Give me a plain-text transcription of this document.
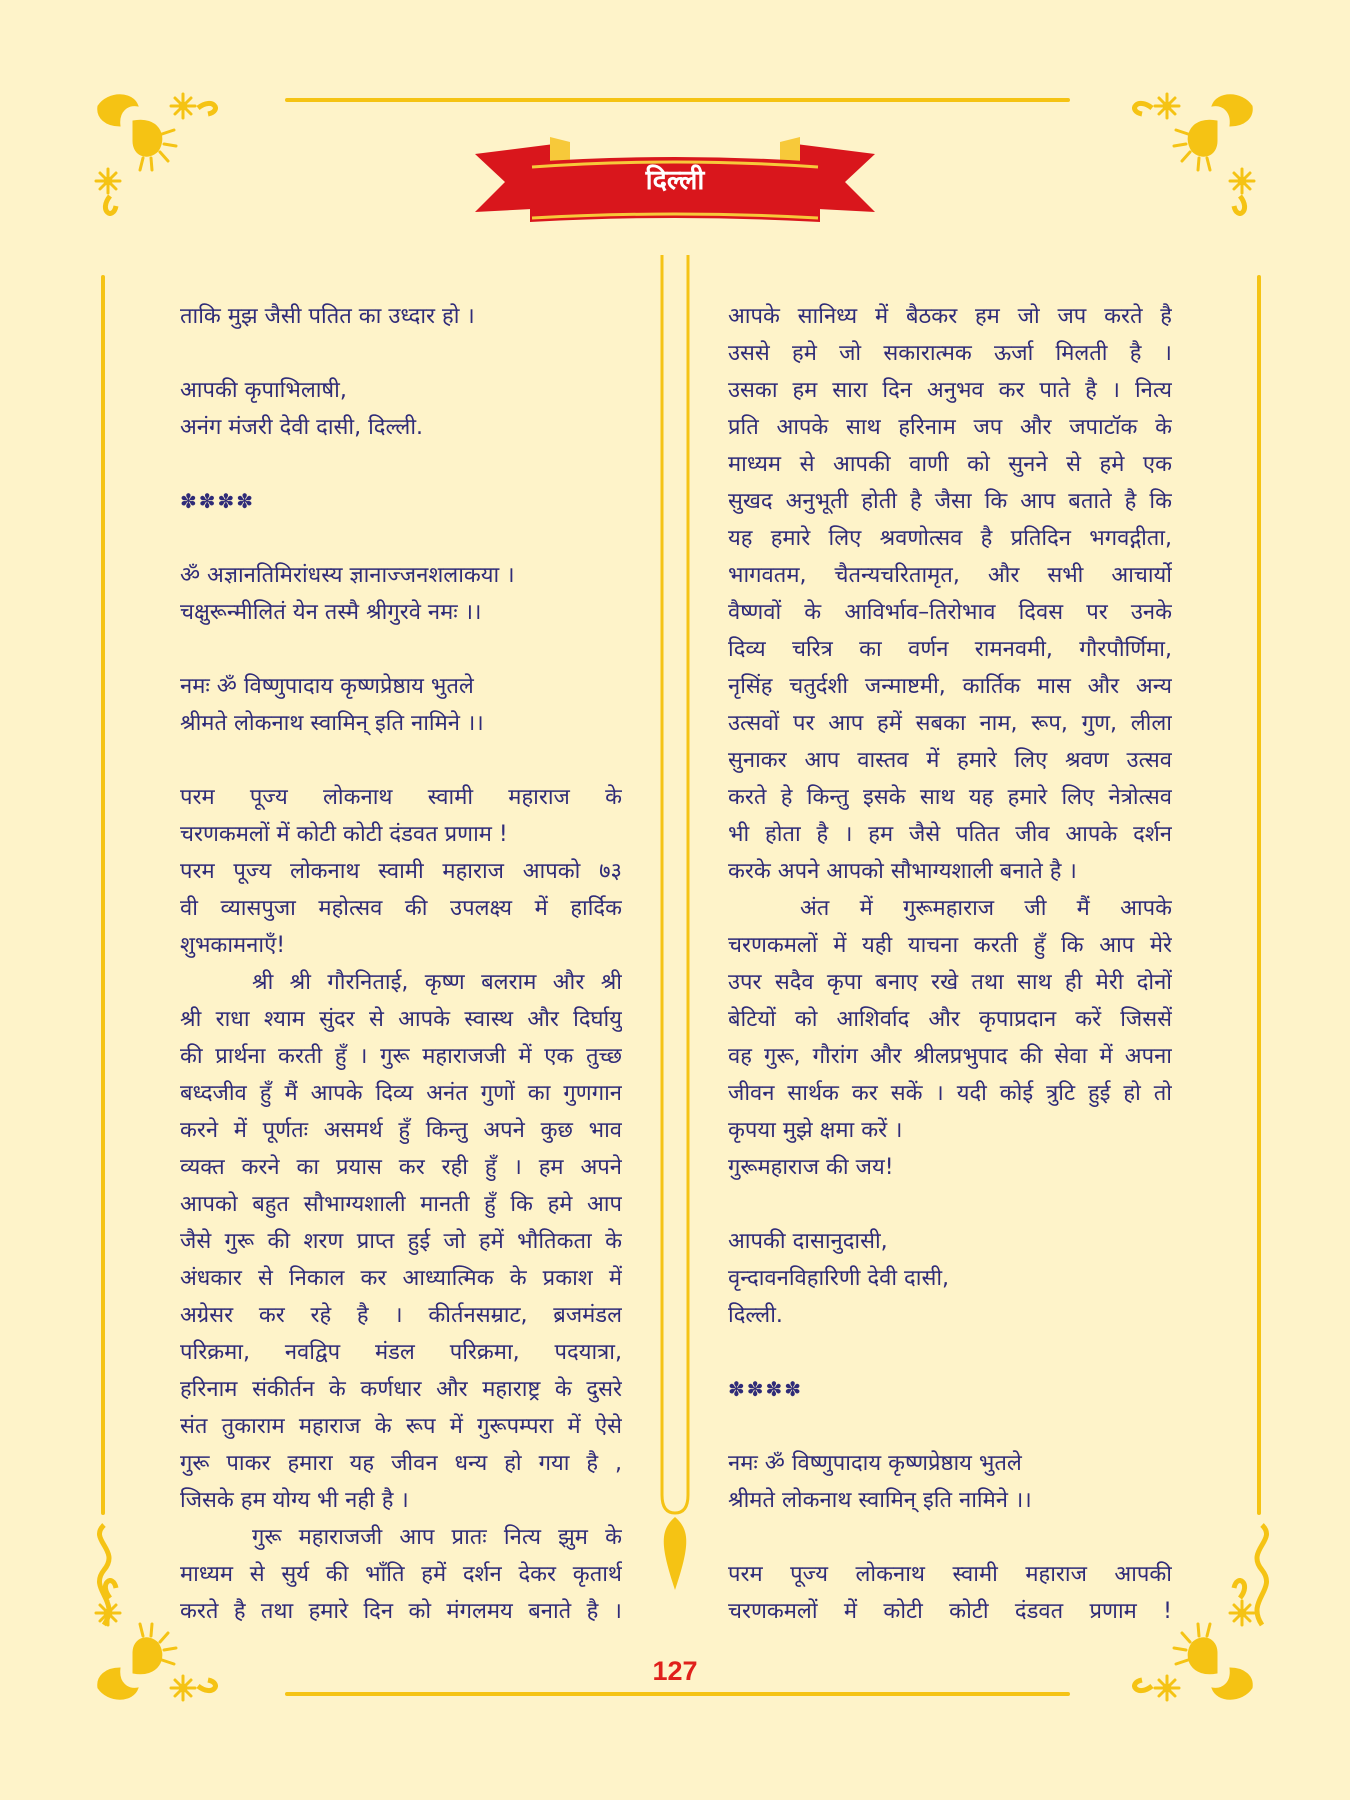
दिल्ली
ताकि मुझ जैसी पतित का उध्दार हो ।
आपकी कृपाभिलाषी,
अनंग मंजरी देवी दासी, दिल्ली.
✽✽✽✽
ॐ अज्ञानतिमिरांधस्य ज्ञानाज्जनशलाकया ।
चक्षुरून्मीलितं येन तस्मै श्रीगुरवे नमः ।।
नमः ॐ विष्णुपादाय कृष्णप्रेष्ठाय भुतले
श्रीमते लोकनाथ स्वामिन् इति नामिने ।।
परम पूज्य लोकनाथ स्वामी महाराज के
चरणकमलों में कोटी कोटी दंडवत प्रणाम !
परम पूज्य लोकनाथ स्वामी महाराज आपको ७३
वी व्यासपुजा महोत्सव की उपलक्ष्य में हार्दिक
शुभकामनाएँ!
श्री श्री गौरनिताई, कृष्ण बलराम और श्री
श्री राधा श्याम सुंदर से आपके स्वास्थ और दिर्घायु
की प्रार्थना करती हुँ । गुरू महाराजजी में एक तुच्छ
बध्दजीव हुँ मैं आपके दिव्य अनंत गुणों का गुणगान
करने में पूर्णतः असमर्थ हुँ किन्तु अपने कुछ भाव
व्यक्त करने का प्रयास कर रही हुँ । हम अपने
आपको बहुत सौभाग्यशाली मानती हुँ कि हमे आप
जैसे गुरू की शरण प्राप्त हुई जो हमें भौतिकता के
अंधकार से निकाल कर आध्यात्मिक के प्रकाश में
अग्रेसर कर रहे है । कीर्तनसम्राट, ब्रजमंडल
परिक्रमा, नवद्विप मंडल परिक्रमा, पदयात्रा,
हरिनाम संकीर्तन के कर्णधार और महाराष्ट्र के दुसरे
संत तुकाराम महाराज के रूप में गुरूपम्परा में ऐसे
गुरू पाकर हमारा यह जीवन धन्य हो गया है ,
जिसके हम योग्य भी नही है ।
गुरू महाराजजी आप प्रातः नित्य झुम के
माध्यम से सुर्य की भाँति हमें दर्शन देकर कृतार्थ
करते है तथा हमारे दिन को मंगलमय बनाते है ।
आपके सानिध्य में बैठकर हम जो जप करते है
उससे हमे जो सकारात्मक ऊर्जा मिलती है ।
उसका हम सारा दिन अनुभव कर पाते है । नित्य
प्रति आपके साथ हरिनाम जप और जपाटॉक के
माध्यम से आपकी वाणी को सुनने से हमे एक
सुखद अनुभूती होती है जैसा कि आप बताते है कि
यह हमारे लिए श्रवणोत्सव है प्रतिदिन भगवद्गीता,
भागवतम, चैतन्यचरितामृत, और सभी आचार्यो
वैष्णवों के आविर्भाव–तिरोभाव दिवस पर उनके
दिव्य चरित्र का वर्णन रामनवमी, गौरपौर्णिमा,
नृसिंह चतुर्दशी जन्माष्टमी, कार्तिक मास और अन्य
उत्सवों पर आप हमें सबका नाम, रूप, गुण, लीला
सुनाकर आप वास्तव में हमारे लिए श्रवण उत्सव
करते हे किन्तु इसके साथ यह हमारे लिए नेत्रोत्सव
भी होता है । हम जैसे पतित जीव आपके दर्शन
करके अपने आपको सौभाग्यशाली बनाते है ।
अंत में गुरूमहाराज जी मैं आपके
चरणकमलों में यही याचना करती हुँ कि आप मेरे
उपर सदैव कृपा बनाए रखे तथा साथ ही मेरी दोनों
बेटियों को आशिर्वाद और कृपाप्रदान करें जिससें
वह गुरू, गौरांग और श्रीलप्रभुपाद की सेवा में अपना
जीवन सार्थक कर सकें । यदी कोई त्रुटि हुई हो तो
कृपया मुझे क्षमा करें ।
गुरूमहाराज की जय!
आपकी दासानुदासी,
वृन्दावनविहारिणी देवी दासी,
दिल्ली.
✽✽✽✽
नमः ॐ विष्णुपादाय कृष्णप्रेष्ठाय भुतले
श्रीमते लोकनाथ स्वामिन् इति नामिने ।।
परम पूज्य लोकनाथ स्वामी महाराज आपकी
चरणकमलों में कोटी कोटी दंडवत प्रणाम !
127
